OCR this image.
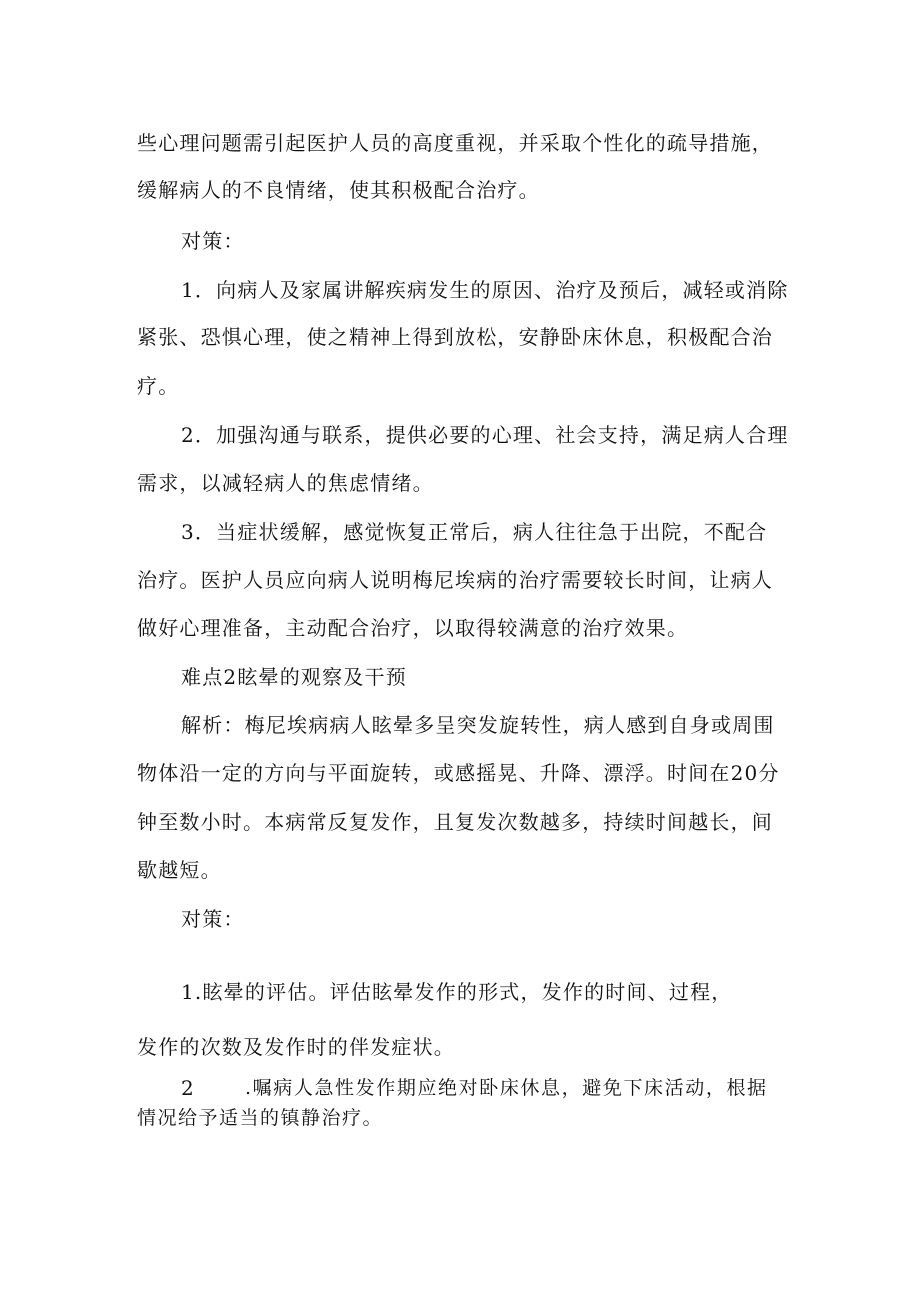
些心理问题需引起医护人员的高度重视，并采取个性化的疏导措施，
缓解病人的不良情绪，使其积极配合治疗。
对策：
1．向病人及家属讲解疾病发生的原因、治疗及预后，减轻或消除
紧张、恐惧心理，使之精神上得到放松，安静卧床休息，积极配合治
疗。
2．加强沟通与联系，提供必要的心理、社会支持，满足病人合理
需求，以减轻病人的焦虑情绪。
3．当症状缓解，感觉恢复正常后，病人往往急于出院，不配合
治疗。医护人员应向病人说明梅尼埃病的治疗需要较长时间，让病人
做好心理准备，主动配合治疗，以取得较满意的治疗效果。
难点2眩晕的观察及干预
解析：梅尼埃病病人眩晕多呈突发旋转性，病人感到自身或周围
物体沿一定的方向与平面旋转，或感摇晃、升降、漂浮。时间在20分
钟至数小时。本病常反复发作，且复发次数越多，持续时间越长，间
歇越短。
对策：
1.眩晕的评估。评估眩晕发作的形式，发作的时间、过程，
发作的次数及发作时的伴发症状。
2	.嘱病人急性发作期应绝对卧床休息，避免下床活动，根据
情况给予适当的镇静治疗。
